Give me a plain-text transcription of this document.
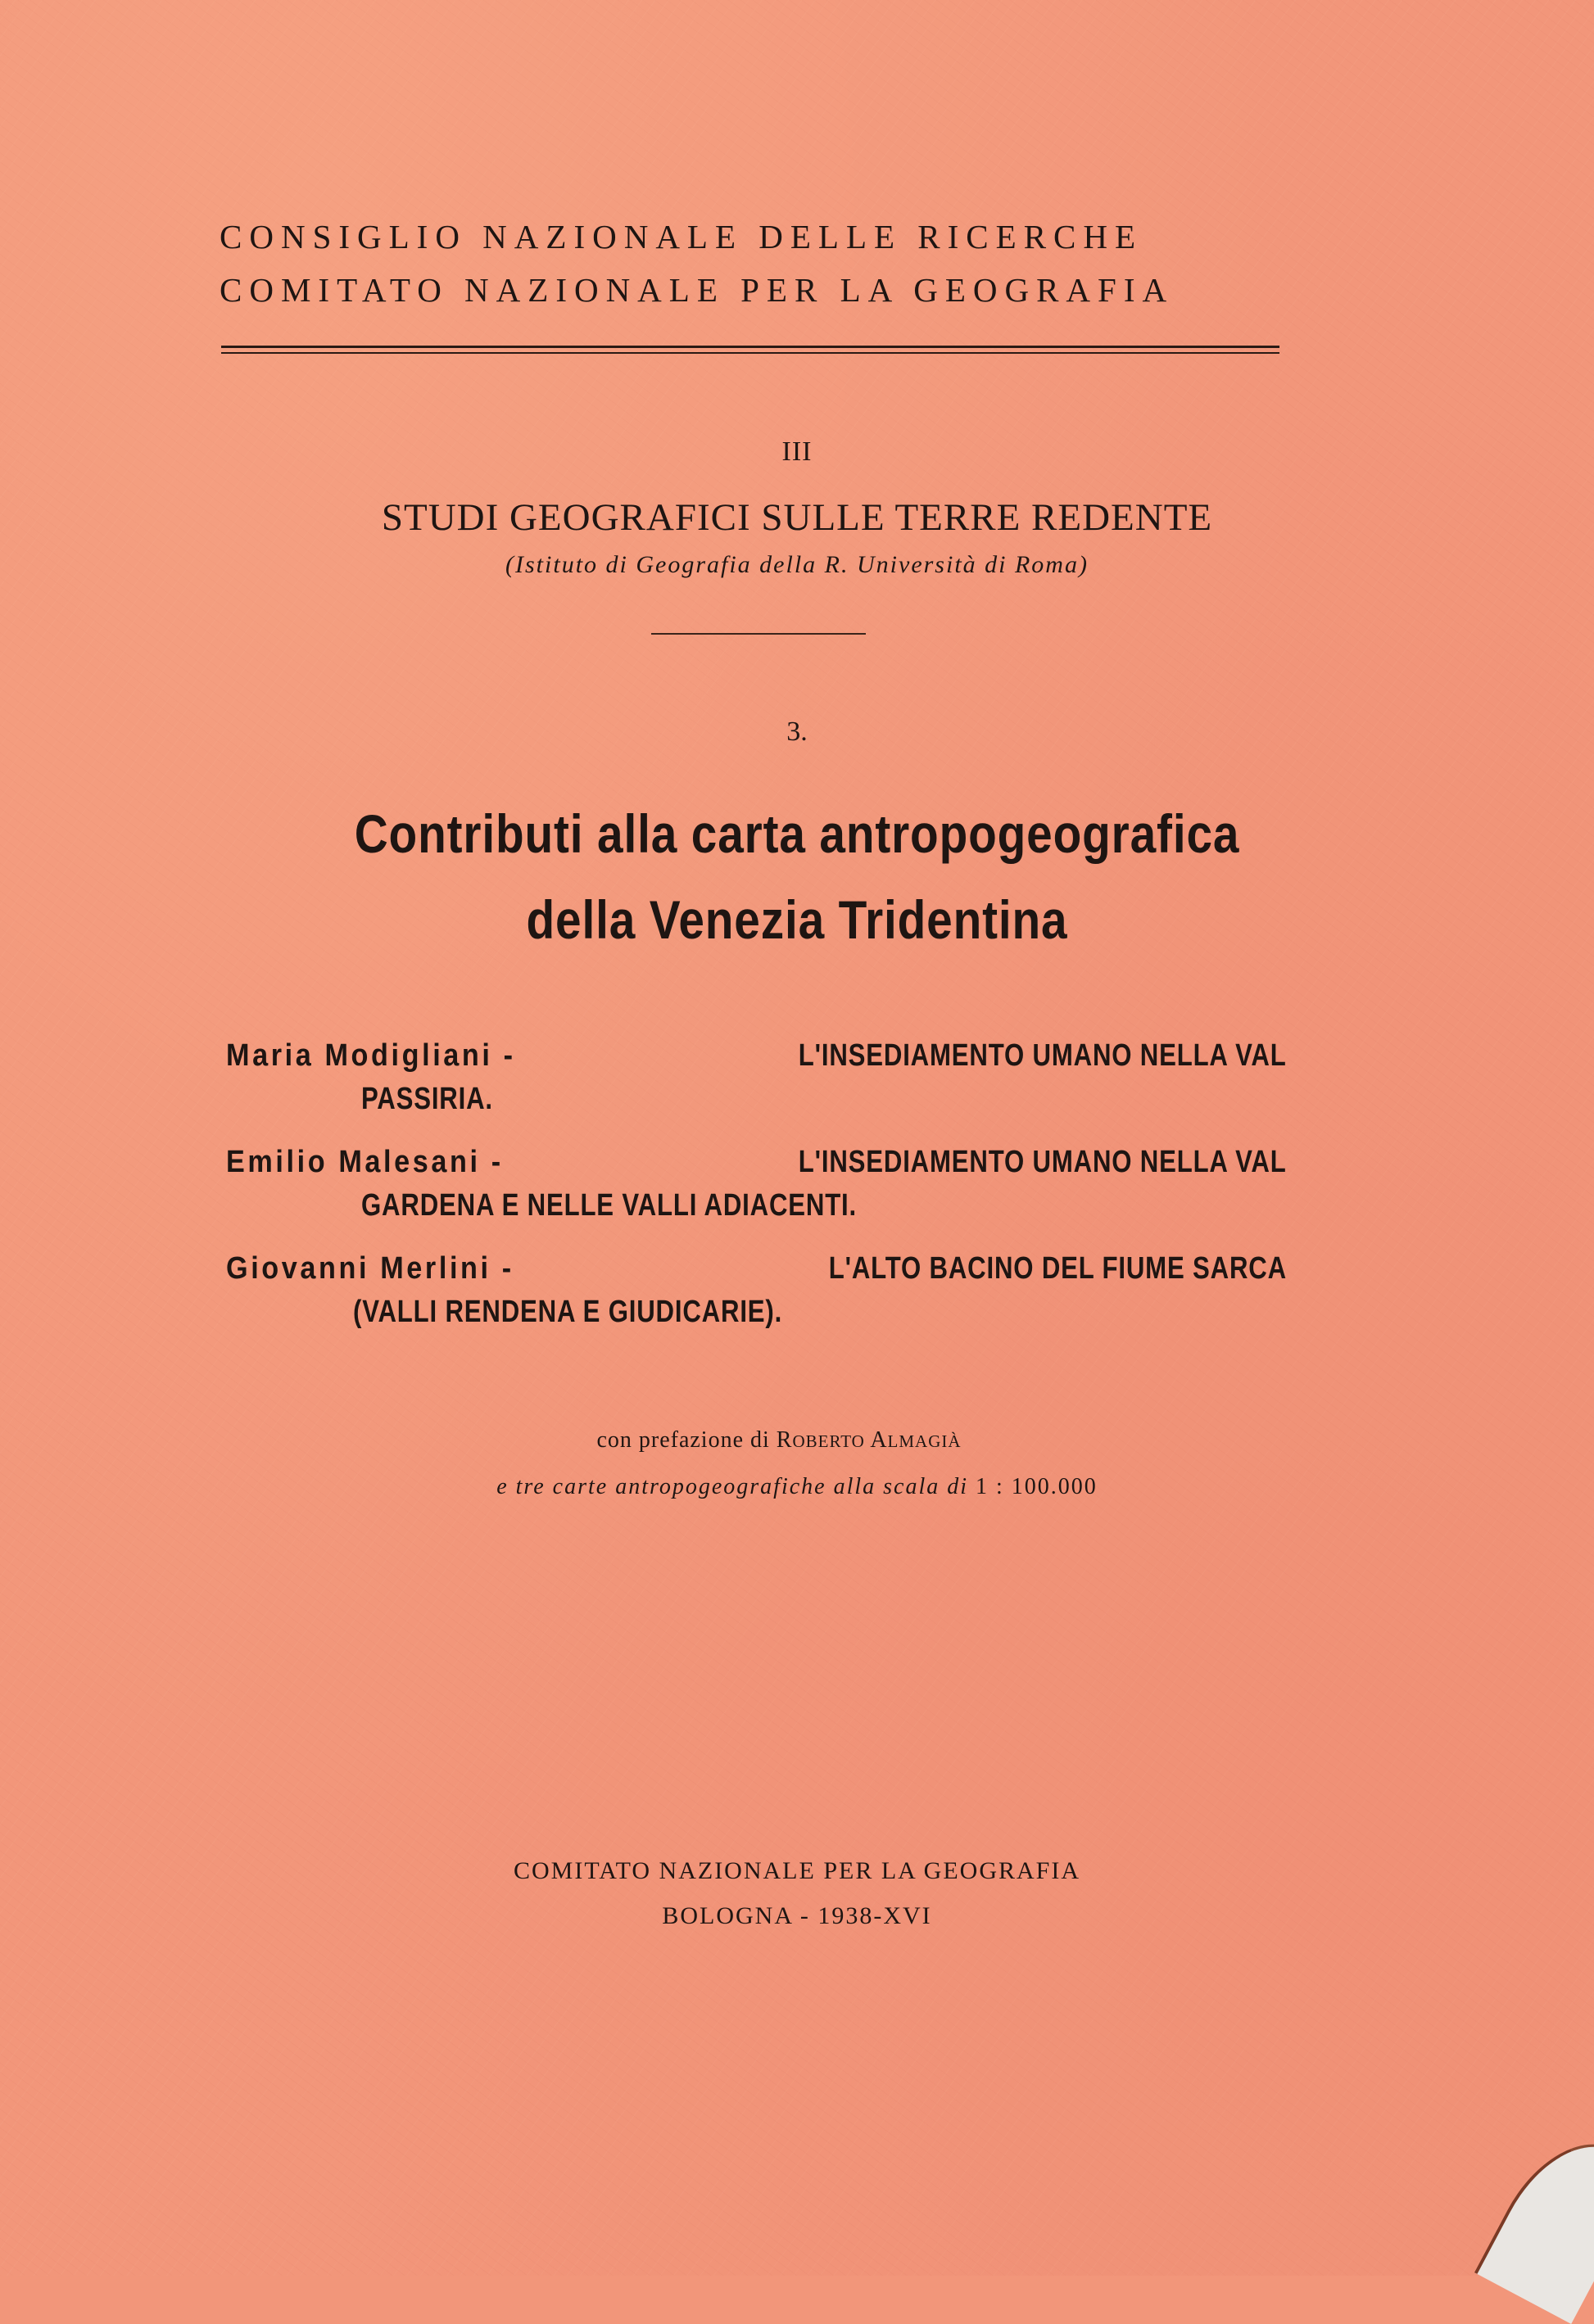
CONSIGLIO NAZIONALE DELLE RICERCHE
COMITATO NAZIONALE PER LA GEOGRAFIA
III
STUDI GEOGRAFICI SULLE TERRE REDENTE
(Istituto di Geografia della R. Università di Roma)
3.
Contributi alla carta antropogeografica
della Venezia Tridentina
Maria Modigliani -	L'INSEDIAMENTO UMANO NELLA VAL
PASSIRIA.
Emilio Malesani -	L'INSEDIAMENTO UMANO NELLA VAL
GARDENA E NELLE VALLI ADIACENTI.
Giovanni Merlini -	L'ALTO BACINO DEL FIUME SARCA
(VALLI RENDENA E GIUDICARIE).
con prefazione di ROBERTO ALMAGIÀ
e tre carte antropogeografiche alla scala di 1 : 100.000
COMITATO NAZIONALE PER LA GEOGRAFIA
BOLOGNA - 1938-XVI
